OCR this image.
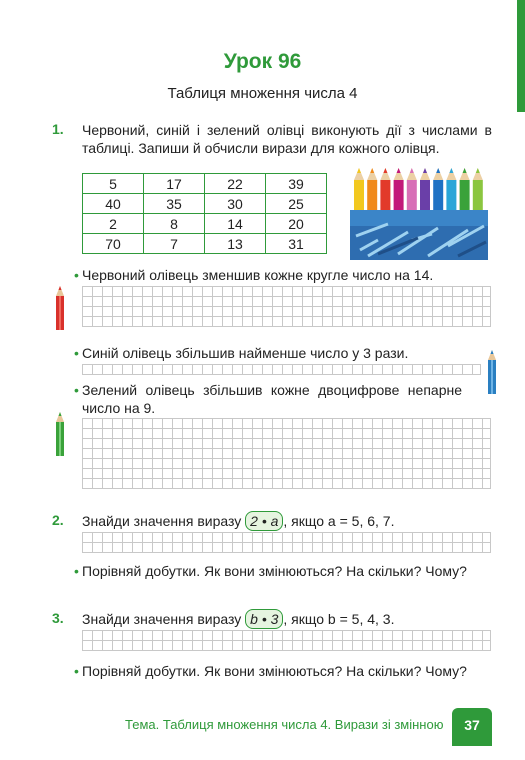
Урок 96
Таблиця множення числа 4
1. Червоний, синій і зелений олівці виконують дії з числами в таблиці. Запиши й обчисли вирази для кожного олівця.
5	17	22	39
40	35	30	25
2	8	14	20
70	7	13	31
• Червоний олівець зменшив кожне кругле число на 14.
• Синій олівець збільшив найменше число у 3 рази.
• Зелений олівець збільшив кожне двоцифрове непарне число на 9.
2. Знайди значення виразу 2 • a , якщо a = 5, 6, 7.
• Порівняй добутки. Як вони змінюються? На скільки? Чому?
3. Знайди значення виразу b • 3 , якщо b = 5, 4, 3.
• Порівняй добутки. Як вони змінюються? На скільки? Чому?
Тема. Таблиця множення числа 4. Вирази зі змінною	37
